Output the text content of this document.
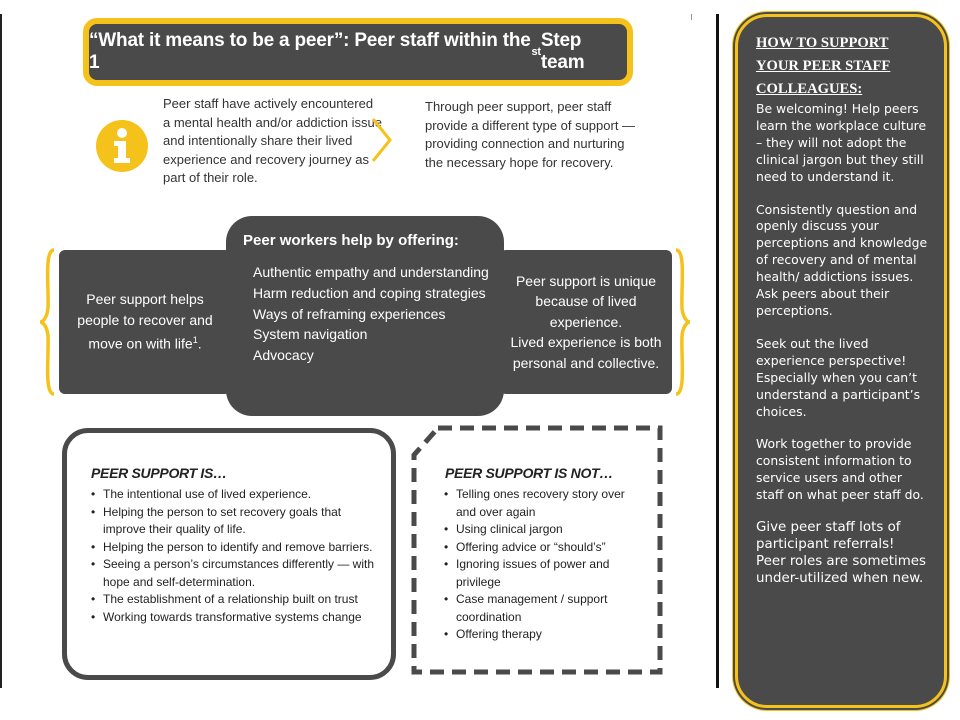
“What it means to be a peer”: Peer staff within the 1	st
Step team
Peer staff have actively encountered a mental health and/or addiction issue and intentionally share their lived experience and recovery journey as part of their role.
Through peer support, peer staff provide a different type of support — providing connection and nurturing the necessary hope for recovery.
Peer support helps people to recover and move on with life$^1$.
Peer support is unique because of lived experience.
Lived experience is both personal and collective.
Peer workers help by offering:
Authentic empathy and understanding
Harm reduction and coping strategies
Ways of reframing experiences
System navigation
Advocacy
PEER SUPPORT IS…
• The intentional use of lived experience.
• Helping the person to set recovery goals that improve their quality of life.
• Helping the person to identify and remove barriers.
• Seeing a person’s circumstances differently — with hope and self-determination.
• The establishment of a relationship built on trust
• Working towards transformative systems change
PEER SUPPORT IS NOT…
• Telling ones recovery story over and over again
• Using clinical jargon
• Offering advice or “should’s”
• Ignoring issues of power and privilege
• Case management / support coordination
• Offering therapy
HOW TO SUPPORT YOUR PEER STAFF COLLEAGUES:

Be welcoming! Help peers learn the workplace culture – they will not adopt the clinical jargon but they still need to understand it.

Consistently question and openly discuss your perceptions and knowledge of recovery and of mental health/ addictions issues. Ask peers about their perceptions.

Seek out the lived experience perspective! Especially when you can’t understand a participant’s choices.

Work together to provide consistent information to service users and other staff on what peer staff do.

Give peer staff lots of participant referrals! Peer roles are sometimes under-utilized when new.
